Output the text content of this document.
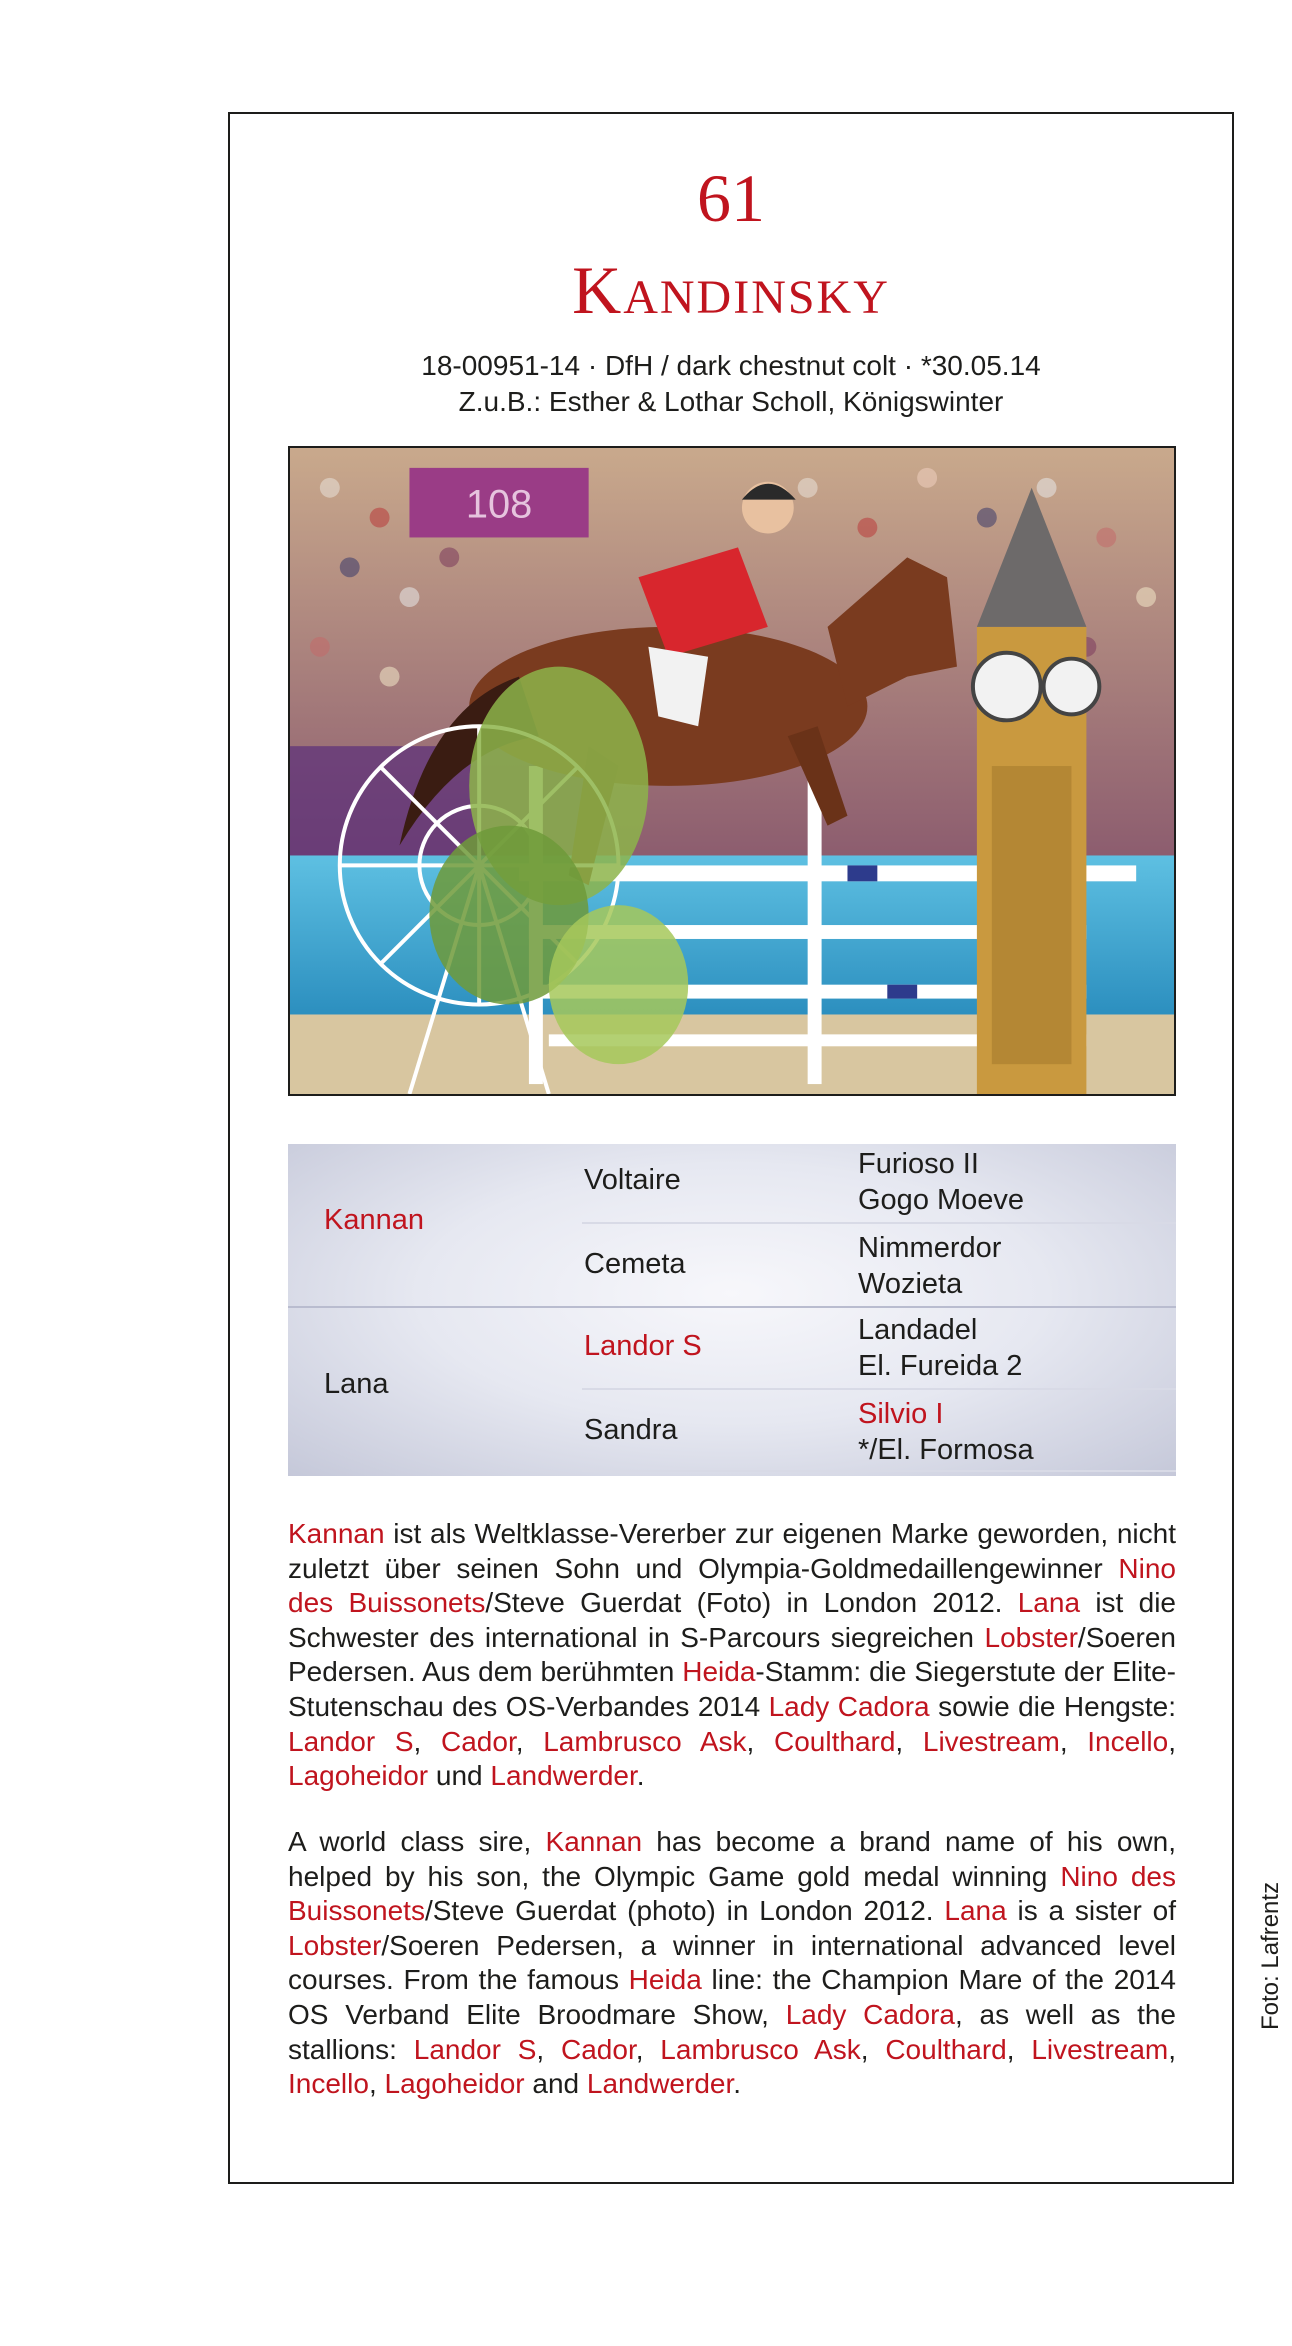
61
Kandinsky
18-00951-14 · DfH / dark chestnut colt · *30.05.14
Z.u.B.: Esther & Lothar Scholl, Königswinter
108
Kannan
Lana
Voltaire
Cemeta
Landor S
Sandra
Furioso II
Gogo Moeve
Nimmerdor
Wozieta
Landadel
El. Fureida 2
Silvio I
*/El. Formosa
Kannan ist als Weltklasse-Vererber zur eigenen Marke geworden, nicht zuletzt über seinen Sohn und Olympia-Goldmedaillengewinner Nino des Buissonets/Steve Guerdat (Foto) in London 2012. Lana ist die Schwester des international in S-Parcours siegreichen Lobster/Soeren Pedersen. Aus dem berühmten Heida-Stamm: die Siegerstute der Elite-Stutenschau des OS-Verbandes 2014 Lady Cadora sowie die Hengste: Landor S, Cador, Lambrusco Ask, Coulthard, Livestream, Incello, Lagoheidor und Landwerder.
A world class sire, Kannan has become a brand name of his own, helped by his son, the Olympic Game gold medal winning Nino des Buissonets/Steve Guerdat (photo) in London 2012. Lana is a sister of Lobster/Soeren Pedersen, a winner in international advanced level courses. From the famous Heida line: the Champion Mare of the 2014 OS Verband Elite Broodmare Show, Lady Cadora, as well as the stallions: Landor S, Cador, Lambrusco Ask, Coulthard, Livestream, Incello, Lagoheidor and Landwerder.
Foto: Lafrentz
